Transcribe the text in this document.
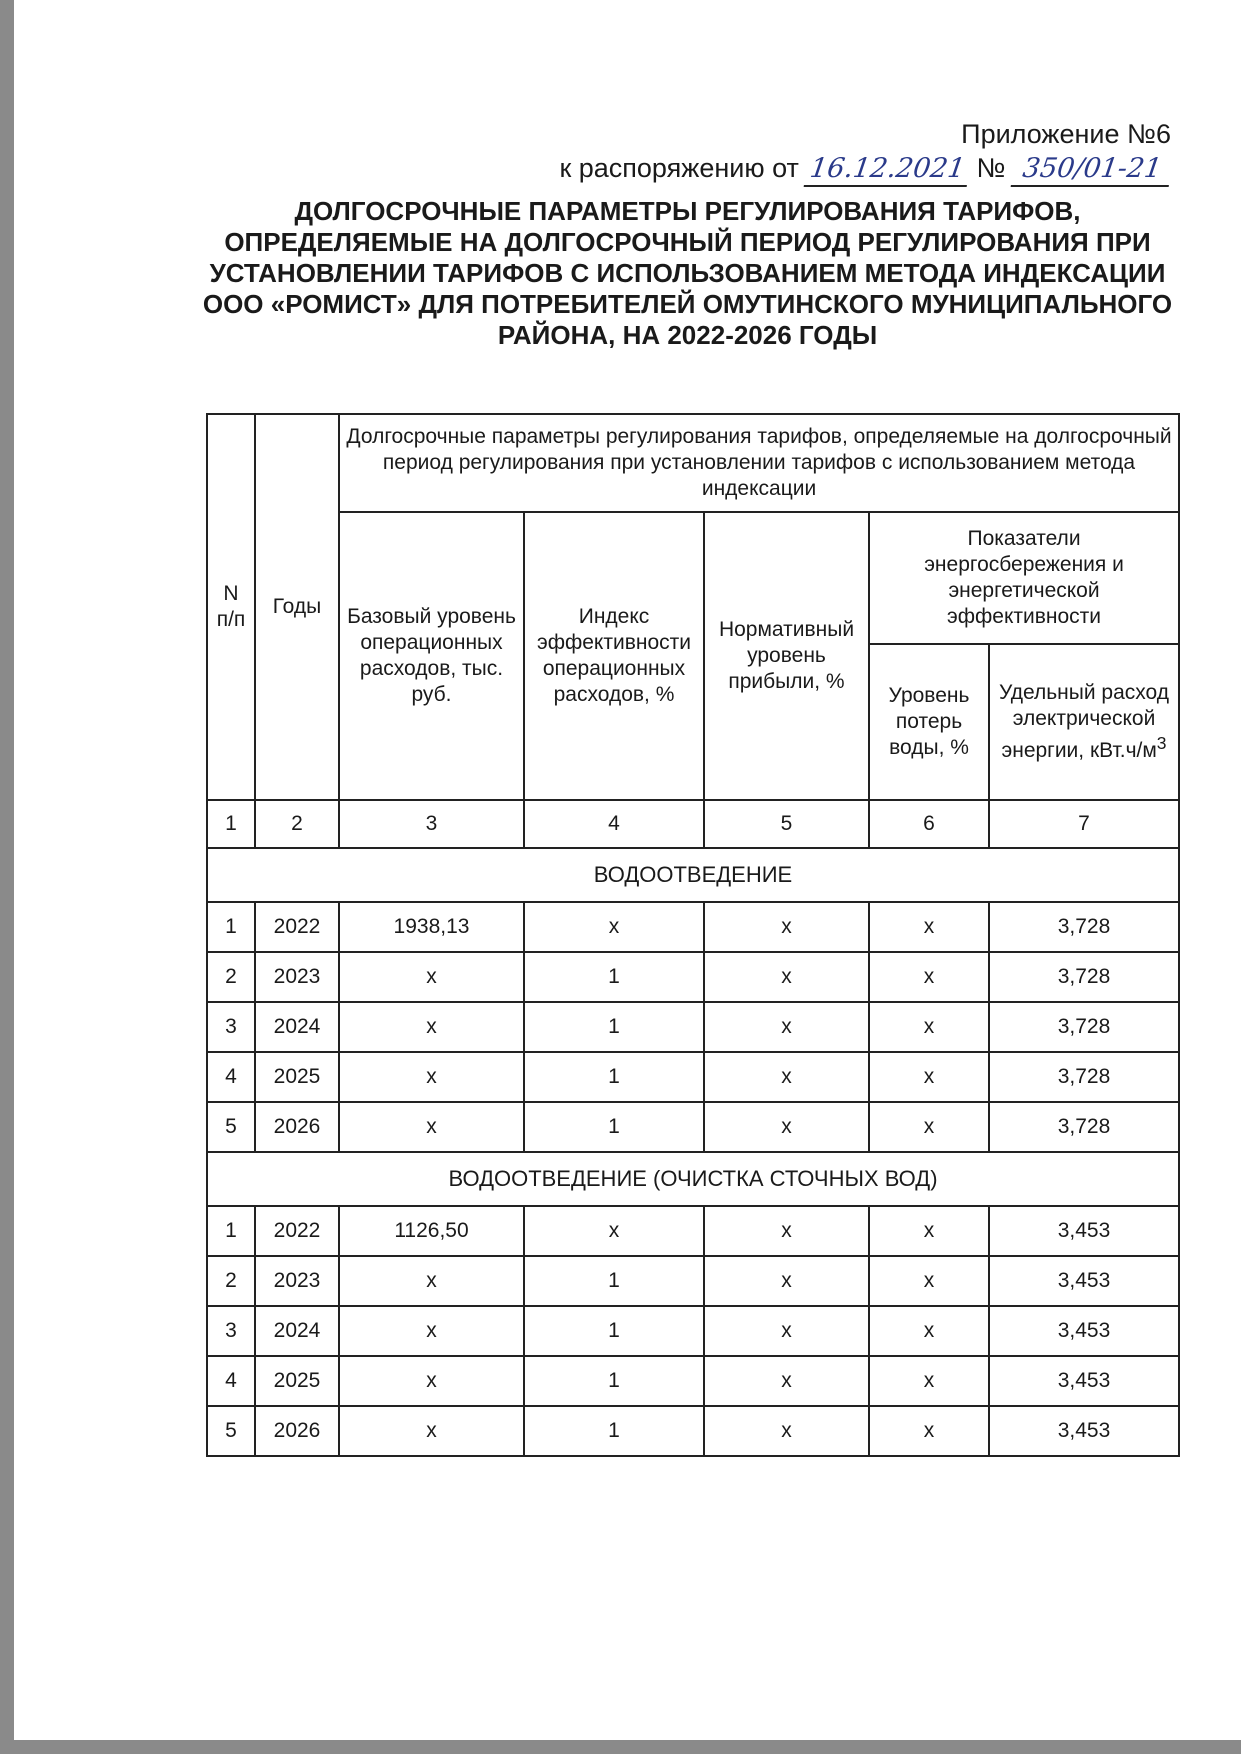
Приложение №6
к распоряжению от 16.12.2021 № 350/01-21
ДОЛГОСРОЧНЫЕ ПАРАМЕТРЫ РЕГУЛИРОВАНИЯ ТАРИФОВ, ОПРЕДЕЛЯЕМЫЕ НА ДОЛГОСРОЧНЫЙ ПЕРИОД РЕГУЛИРОВАНИЯ ПРИ УСТАНОВЛЕНИИ ТАРИФОВ С ИСПОЛЬЗОВАНИЕМ МЕТОДА ИНДЕКСАЦИИ ООО «РОМИСТ» ДЛЯ ПОТРЕБИТЕЛЕЙ ОМУТИНСКОГО МУНИЦИПАЛЬНОГО РАЙОНА, НА 2022-2026 ГОДЫ
N п/п	Годы	Долгосрочные параметры регулирования тарифов, определяемые на долгосрочный период регулирования при установлении тарифов с использованием метода индексации				
		Базовый уровень операционных расходов, тыс. руб.	Индекс эффективности операционных расходов, %	Нормативный уровень прибыли, %	Показатели энергосбережения и энергетической эффективности	
					Уровень потерь воды, %	Удельный расход электрической энергии, $кВт.ч/м^3$
1	2	3	4	5	6	7
ВОДООТВЕДЕНИЕ						
1	2022	1938,13	х	х	х	3,728
2	2023	х	1	х	х	3,728
3	2024	х	1	х	х	3,728
4	2025	х	1	х	х	3,728
5	2026	х	1	х	х	3,728
ВОДООТВЕДЕНИЕ (ОЧИСТКА СТОЧНЫХ ВОД)						
1	2022	1126,50	х	х	х	3,453
2	2023	х	1	х	х	3,453
3	2024	х	1	х	х	3,453
4	2025	х	1	х	х	3,453
5	2026	х	1	х	х	3,453
